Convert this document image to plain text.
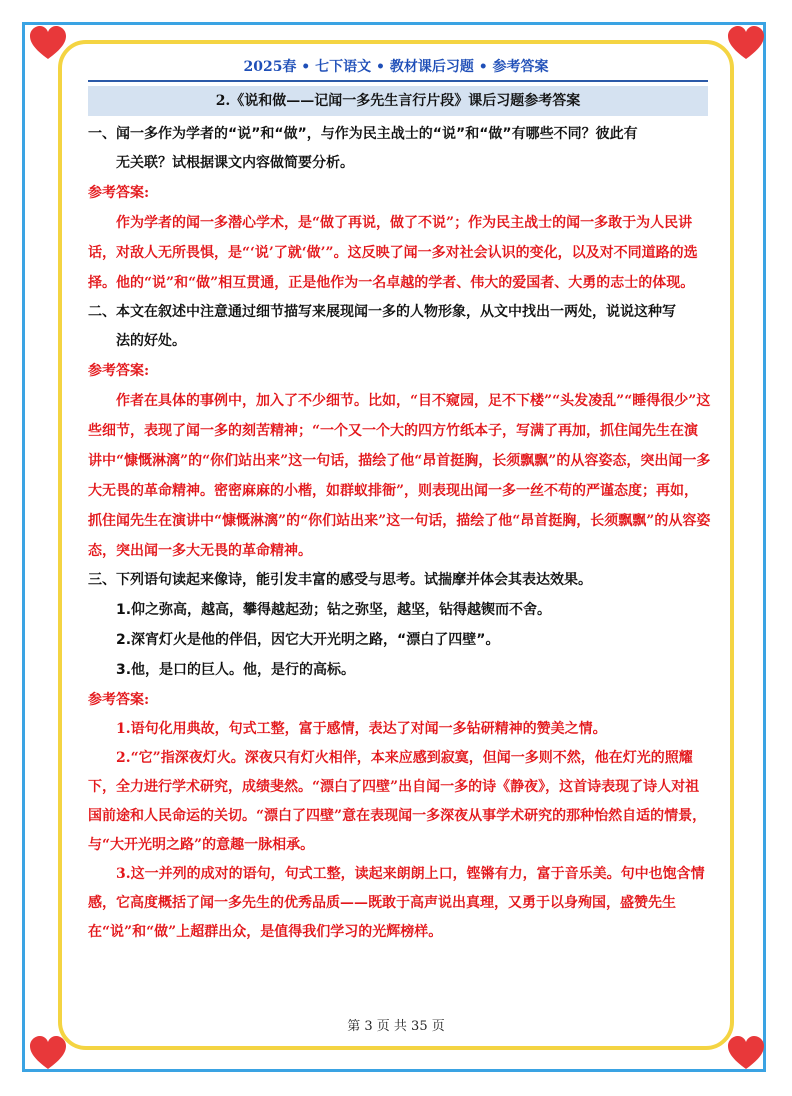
2025春 • 七下语文 • 教材课后习题 • 参考答案
2.《说和做——记闻一多先生言行片段》课后习题参考答案

一、闻一多作为学者的“说”和“做”，与作为民主战士的“说”和“做”有哪些不同？彼此有
无关联？试根据课文内容做简要分析。

参考答案:

作为学者的闻一多潜心学术，是“做了再说，做了不说”；作为民主战士的闻一多敢于为人民讲话，对敌人无所畏惧，是“‘说’了就‘做’”。这反映了闻一多对社会认识的变化，以及对不同道路的选择。他的“说”和“做”相互贯通，正是他作为一名卓越的学者、伟大的爱国者、大勇的志士的体现。

二、本文在叙述中注意通过细节描写来展现闻一多的人物形象，从文中找出一两处，说说这种写
法的好处。

参考答案:

作者在具体的事例中，加入了不少细节。比如，“目不窥园，足不下楼”“头发凌乱”“睡得很少”这些细节，表现了闻一多的刻苦精神；“一个又一个大的四方竹纸本子，写满了再加，抓住闻先生在演讲中“慷慨淋漓”的“你们站出来”这一句话，描绘了他“昂首挺胸，长须飘飘”的从容姿态，突出闻一多大无畏的革命精神。密密麻麻的小楷，如群蚁排衙”，则表现出闻一多一丝不苟的严谨态度；再如，抓住闻先生在演讲中“慷慨淋漓”的“你们站出来”这一句话，描绘了他“昂首挺胸，长须飘飘”的从容姿态，突出闻一多大无畏的革命精神。

三、下列语句读起来像诗，能引发丰富的感受与思考。试揣摩并体会其表达效果。

1.仰之弥高，越高，攀得越起劲；钻之弥坚，越坚，钻得越锲而不舍。

2.深宵灯火是他的伴侣，因它大开光明之路，“漂白了四壁”。

3.他，是口的巨人。他，是行的高标。

参考答案:

1.语句化用典故，句式工整，富于感情，表达了对闻一多钻研精神的赞美之情。

2.“它”指深夜灯火。深夜只有灯火相伴，本来应感到寂寞，但闻一多则不然，他在灯光的照耀下，全力进行学术研究，成绩斐然。“漂白了四壁”出自闻一多的诗《静夜》，这首诗表现了诗人对祖国前途和人民命运的关切。“漂白了四壁”意在表现闻一多深夜从事学术研究的那种怡然自适的情景，与“大开光明之路”的意趣一脉相承。

3.这一并列的成对的语句，句式工整，读起来朗朗上口，铿锵有力，富于音乐美。句中也饱含情感，它高度概括了闻一多先生的优秀品质——既敢于高声说出真理，又勇于以身殉国，盛赞先生在“说”和“做”上超群出众，是值得我们学习的光辉榜样。

第 3 页 共 35 页
